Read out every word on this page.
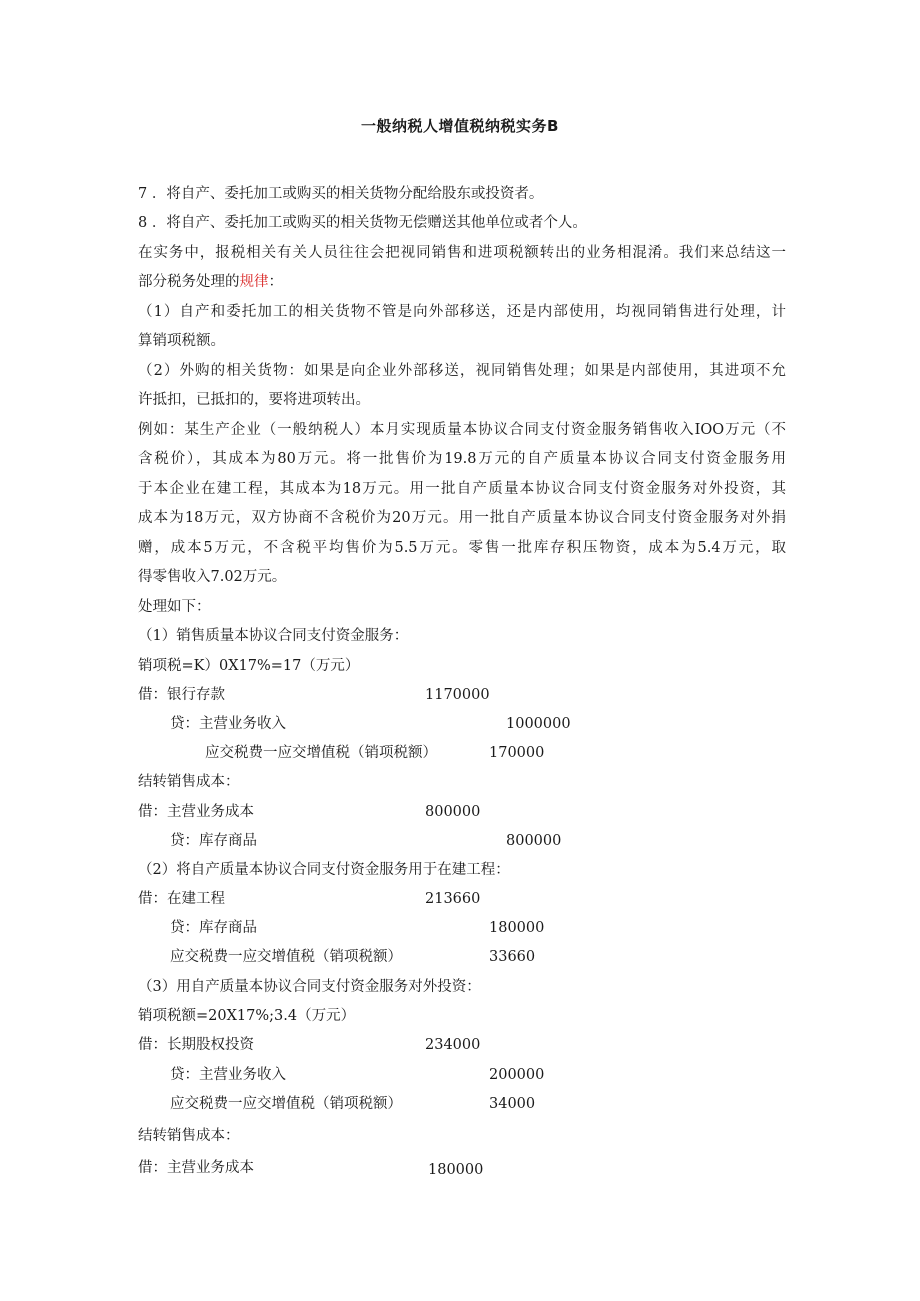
一般纳税人增值税纳税实务B
7 ．将自产、委托加工或购买的相关货物分配给股东或投资者。
8 ．将自产、委托加工或购买的相关货物无偿赠送其他单位或者个人。
在实务中，报税相关有关人员往往会把视同销售和进项税额转出的业务相混淆。我们来总结这一
部分税务处理的规律：
（1）自产和委托加工的相关货物不管是向外部移送，还是内部使用，均视同销售进行处理，计
算销项税额。
（2）外购的相关货物：如果是向企业外部移送，视同销售处理；如果是内部使用，其进项不允
许抵扣，已抵扣的，要将进项转出。
例如：某生产企业（一般纳税人）本月实现质量本协议合同支付资金服务销售收入IOO万元（不
含税价），其成本为80万元。将一批售价为19.8万元的自产质量本协议合同支付资金服务用
于本企业在建工程，其成本为18万元。用一批自产质量本协议合同支付资金服务对外投资，其
成本为18万元，双方协商不含税价为20万元。用一批自产质量本协议合同支付资金服务对外捐
赠，成本5万元，不含税平均售价为5.5万元。零售一批库存积压物资，成本为5.4万元，取
得零售收入7.02万元。
处理如下：
（1）销售质量本协议合同支付资金服务：
销项税=K）0X17%=17（万元）
借：银行存款	1170000
贷：主营业务收入	1000000
应交税费一应交增值税（销项税额）	170000
结转销售成本：
借：主营业务成本	800000
贷：库存商品	800000
（2）将自产质量本协议合同支付资金服务用于在建工程：
借：在建工程	213660
贷：库存商品	180000
应交税费一应交增值税（销项税额）	33660
（3）用自产质量本协议合同支付资金服务对外投资：
销项税额=20X17%;3.4（万元）
借：长期股权投资	234000
贷：主营业务收入	200000
应交税费一应交增值税（销项税额）	34000
结转销售成本：
借：主营业务成本	180000
